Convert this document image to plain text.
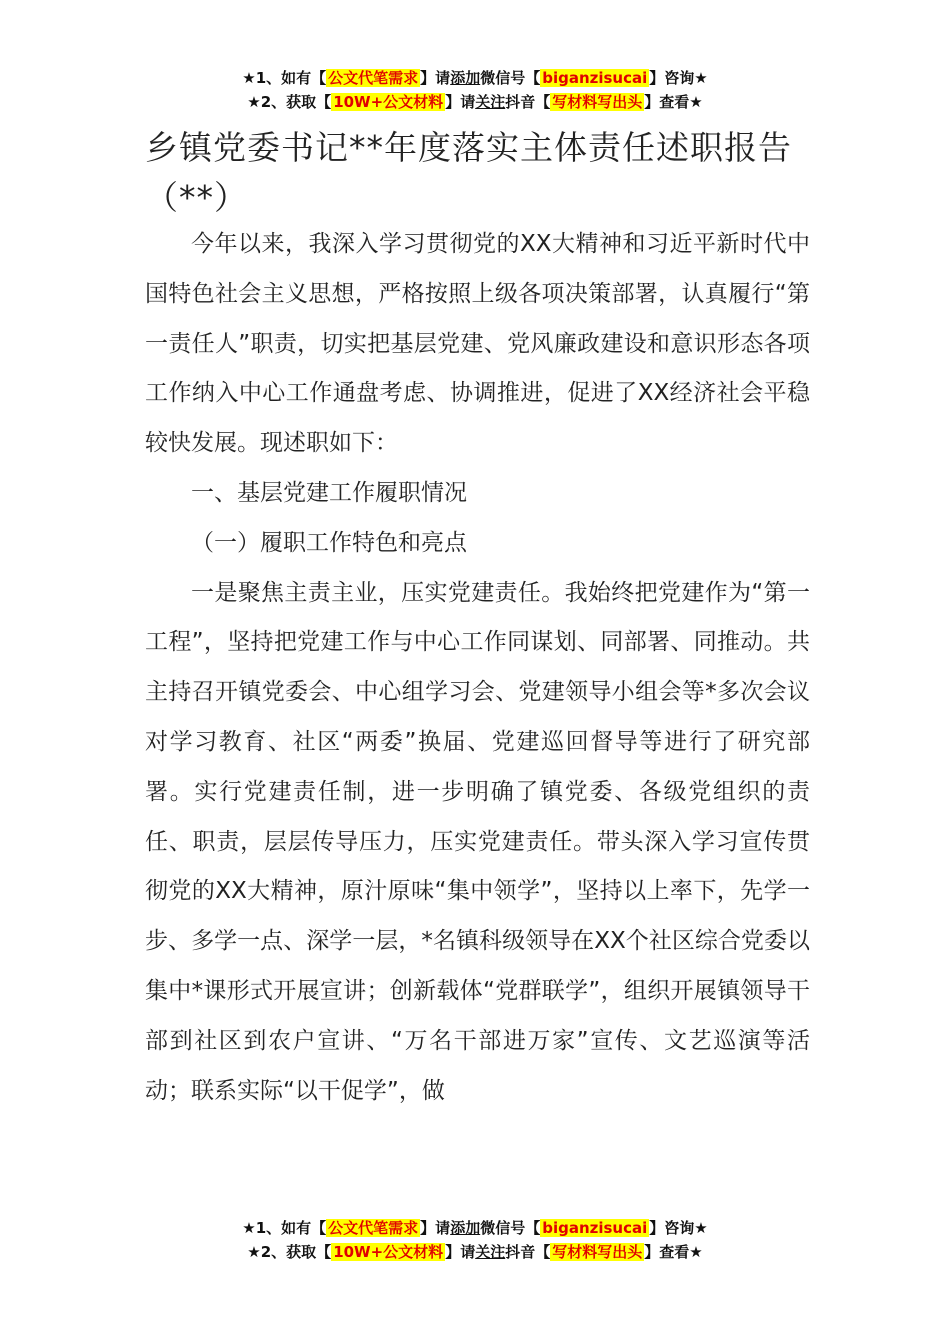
★1、如有【 公文代笔需求 】请添加微信号【 biganzisucai 】咨询★
★2、获取【 10W+公文材料 】请关注抖音【 写材料写出头 】查看★
乡镇党委书记**年度落实主体责任述职报告（**）

今年以来，我深入学习贯彻党的XX大精神和习近平新时代中国特色社会主义思想，严格按照上级各项决策部署，认真履行“第一责任人”职责，切实把基层党建、党风廉政建设和意识形态各项工作纳入中心工作通盘考虑、协调推进，促进了XX经济社会平稳较快发展。现述职如下：

一、基层党建工作履职情况

（一）履职工作特色和亮点

一是聚焦主责主业，压实党建责任。我始终把党建作为“第一工程”，坚持把党建工作与中心工作同谋划、同部署、同推动。共主持召开镇党委会、中心组学习会、党建领导小组会等*多次会议对学习教育、社区“两委”换届、党建巡回督导等进行了研究部署。实行党建责任制，进一步明确了镇党委、各级党组织的责任、职责，层层传导压力，压实党建责任。带头深入学习宣传贯彻党的XX大精神，原汁原味“集中领学”，坚持以上率下，先学一步、多学一点、深学一层，*名镇科级领导在XX个社区综合党委以集中*课形式开展宣讲；创新载体“党群联学”，组织开展镇领导干部到社区到农户宣讲、“万名干部进万家”宣传、文艺巡演等活动；联系实际“以干促学”，做

★1、如有【 公文代笔需求 】请添加微信号【 biganzisucai 】咨询★
★2、获取【 10W+公文材料 】请关注抖音【 写材料写出头 】查看★
